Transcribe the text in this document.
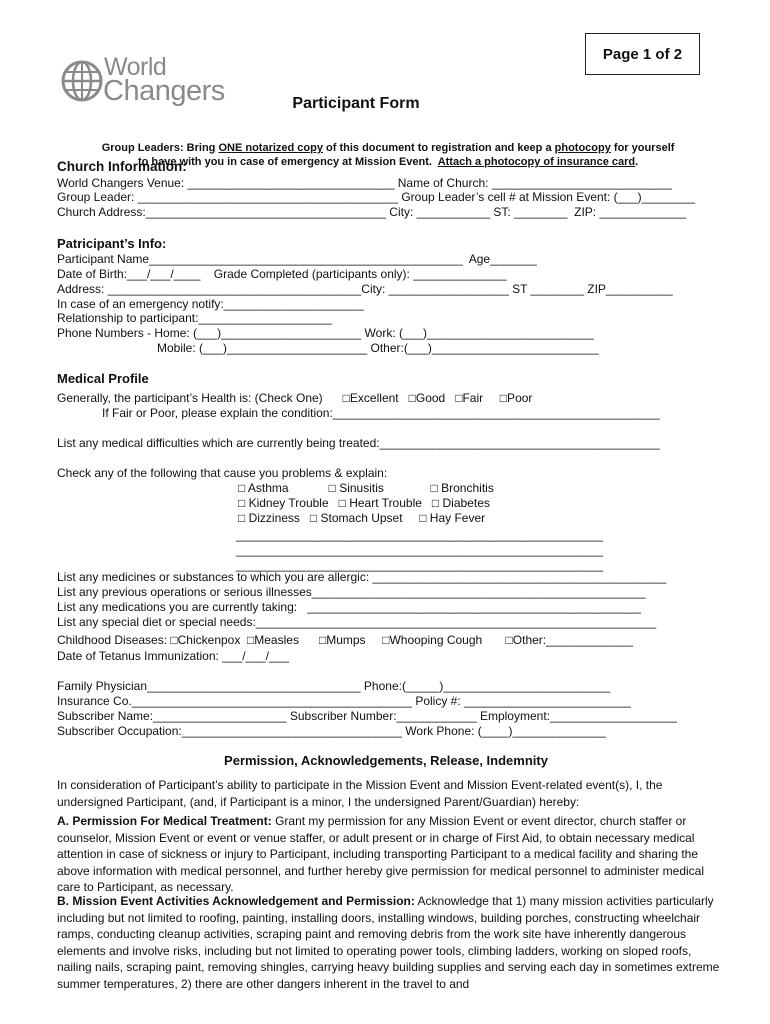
World

Changers

Page 1 of 2
Participant Form

Group Leaders: Bring ONE notarized copy of this document to registration and keep a photocopy for yourself

to have with you in case of emergency at Mission Event.  Attach a photocopy of insurance card.

Church Information:
World Changers Venue: _______________________________ Name of Church: ___________________________
Group Leader: _______________________________________ Group Leader’s cell # at Mission Event: (___)________
Church Address:____________________________________ City: ___________ ST: ________  ZIP: _____________
Patricipant’s Info:
Participant Name_______________________________________________  Age_______
Date of Birth:___/___/____    Grade Completed (participants only): ______________
Address: ______________________________________City: __________________ ST ________ ZIP__________
In case of an emergency notify:_____________________
Relationship to participant:____________________
Phone Numbers - Home: (___)_____________________ Work: (___)_________________________
Mobile: (___)_____________________ Other:(___)_________________________
Medical Profile
Generally, the participant’s Health is: (Check One)      □Excellent   □Good   □Fair     □Poor
If Fair or Poor, please explain the condition:_________________________________________________
List any medical difficulties which are currently being treated:__________________________________________
Check any of the following that cause you problems & explain:
□ Asthma            □ Sinusitis              □ Bronchitis
□ Kidney Trouble   □ Heart Trouble   □ Diabetes
□ Dizziness   □ Stomach Upset     □ Hay Fever
_______________________________________________________
_______________________________________________________
_______________________________________________________
List any medicines or substances to which you are allergic: ____________________________________________
List any previous operations or serious illnesses__________________________________________________
List any medications you are currently taking:   __________________________________________________
List any special diet or special needs:____________________________________________________________
Childhood Diseases: □Chickenpox  □Measles      □Mumps     □Whooping Cough       □Other:_____________
Date of Tetanus Immunization: ___/___/___
Family Physician________________________________ Phone:(_____)_________________________
Insurance Co.__________________________________________ Policy #: _________________________
Subscriber Name:____________________ Subscriber Number:____________ Employment:___________________
Subscriber Occupation:_________________________________ Work Phone: (____)______________
Permission, Acknowledgements, Release, Indemnity
In consideration of Participant’s ability to participate in the Mission Event and Mission Event-related event(s), I, the undersigned Participant, (and, if Participant is a minor, I the undersigned Parent/Guardian) hereby:
A. Permission For Medical Treatment: Grant my permission for any Mission Event or event director, church staffer or counselor, Mission Event or event or venue staffer, or adult present or in charge of First Aid, to obtain necessary medical attention in case of sickness or injury to Participant, including transporting Participant to a medical facility and sharing the above information with medical personnel, and further hereby give permission for medical personnel to administer medical care to Participant, as necessary.
B. Mission Event Activities Acknowledgement and Permission: Acknowledge that 1) many mission activities particularly including but not limited to roofing, painting, installing doors, installing windows, building porches, constructing wheelchair ramps, conducting cleanup activities, scraping paint and removing debris from the work site have inherently dangerous elements and involve risks, including but not limited to operating power tools, climbing ladders, working on sloped roofs, nailing nails, scraping paint, removing shingles, carrying heavy building supplies and serving each day in sometimes extreme summer temperatures, 2) there are other dangers inherent in the travel to and
